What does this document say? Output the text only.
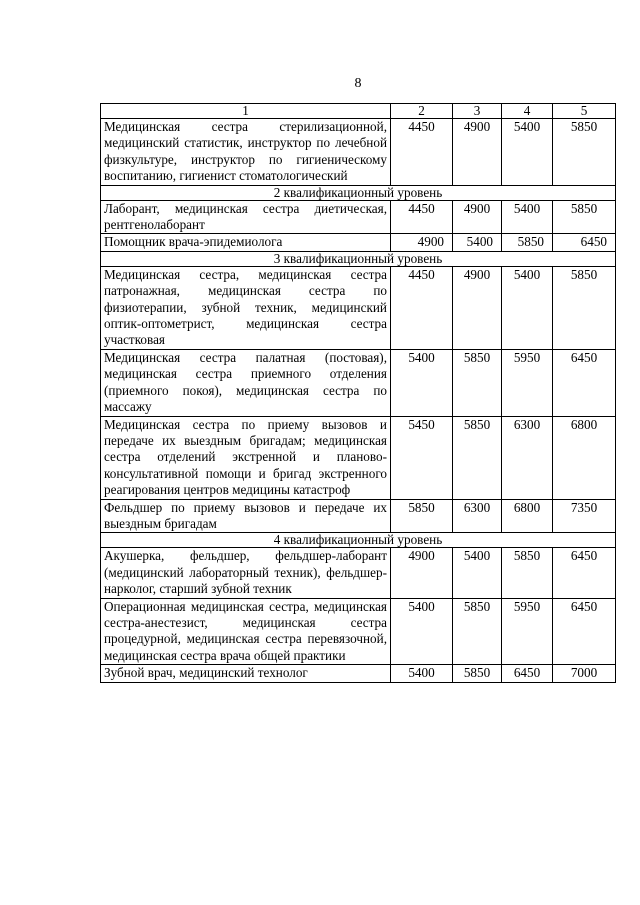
8
1	2	3	4	5
Медицинская сестра стерилизационной, медицинский статистик, инструктор по лечебной физкультуре, инструктор по гигиеническому воспитанию, гигиенист стоматологический	4450	4900	5400	5850
2 квалификационный уровень				
Лаборант, медицинская сестра диетическая, рентгенолаборант	4450	4900	5400	5850
Помощник врача-эпидемиолога	4900	5400	5850	6450
3 квалификационный уровень				
Медицинская сестра, медицинская сестра патронажная, медицинская сестра по физиотерапии, зубной техник, медицинский оптик-оптометрист, медицинская сестра участковая	4450	4900	5400	5850
Медицинская сестра палатная (постовая), медицинская сестра приемного отделения (приемного покоя), медицинская сестра по массажу	5400	5850	5950	6450
Медицинская сестра по приему вызовов и передаче их выездным бригадам; медицинская сестра отделений экстренной и планово-консультативной помощи и бригад экстренного реагирования центров медицины катастроф	5450	5850	6300	6800
Фельдшер по приему вызовов и передаче их выездным бригадам	5850	6300	6800	7350
4 квалификационный уровень				
Акушерка, фельдшер, фельдшер-лаборант (медицинский лабораторный техник), фельдшер-нарколог, старший зубной техник	4900	5400	5850	6450
Операционная медицинская сестра, медицинская сестра-анестезист, медицинская сестра процедурной, медицинская сестра перевязочной, медицинская сестра врача общей практики	5400	5850	5950	6450
Зубной врач, медицинский технолог	5400	5850	6450	7000
